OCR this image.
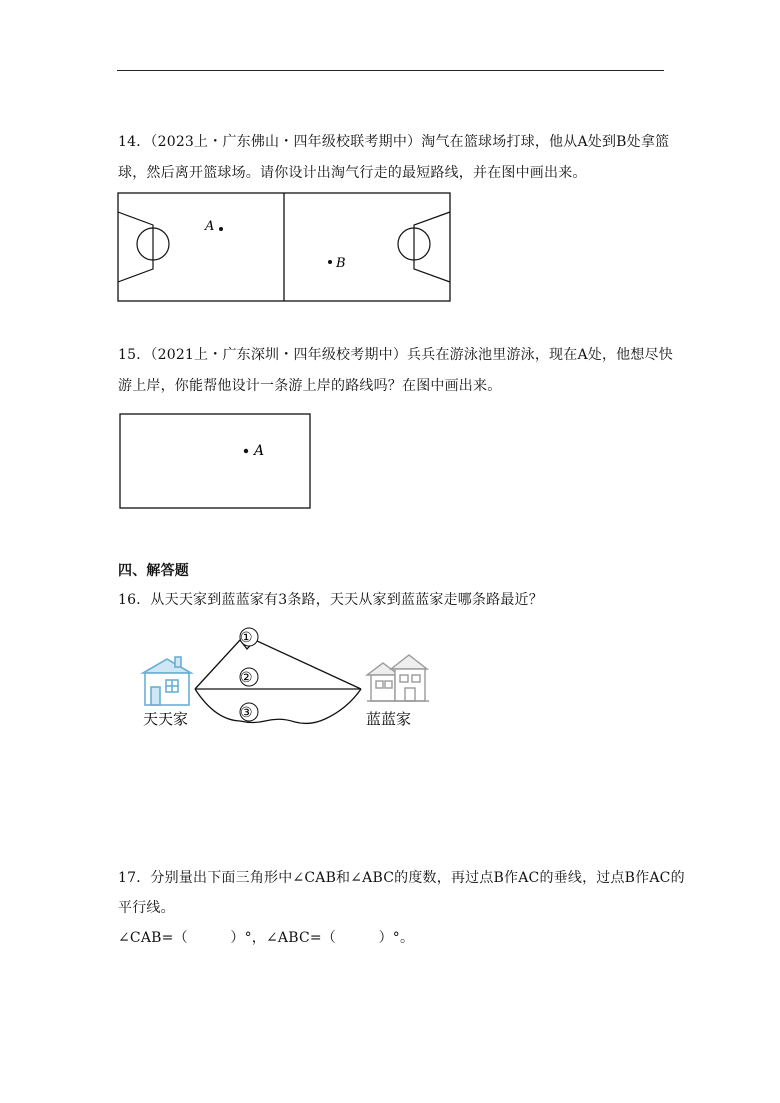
14．（2023上・广东佛山・四年级校联考期中）淘气在篮球场打球，他从A处到B处拿篮
球，然后离开篮球场。请你设计出淘气行走的最短路线，并在图中画出来。
A
B
15．（2021上・广东深圳・四年级校考期中）兵兵在游泳池里游泳，现在A处，他想尽快
游上岸，你能帮他设计一条游上岸的路线吗？在图中画出来。
A
四、解答题
16．从天天家到蓝蓝家有3条路，天天从家到蓝蓝家走哪条路最近？
天天家
①
②
③	蓝蓝家
17．分别量出下面三角形中∠CAB和∠ABC的度数，再过点B作AC的垂线，过点B作AC的
平行线。
∠CAB=（　　　）°，∠ABC=（　　　）°。
